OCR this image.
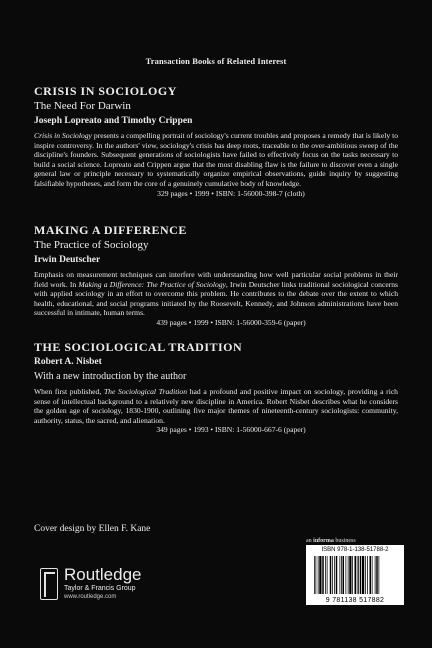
Transaction Books of Related Interest
CRISIS IN SOCIOLOGY
The Need For Darwin
Joseph Lopreato and Timothy Crippen
Crisis in Sociology presents a compelling portrait of sociology's current troubles and proposes a remedy that is likely to inspire controversy. In the authors' view, sociology's crisis has deep roots, traceable to the over-ambitious sweep of the discipline's founders. Subsequent generations of sociologists have failed to effectively focus on the tasks necessary to build a social science. Lopreato and Crippen argue that the most disabling flaw is the failure to discover even a single general law or principle necessary to systematically organize empirical observations, guide inquiry by suggesting falsifiable hypotheses, and form the core of a genuinely cumulative body of knowledge.
329 pages • 1999 • ISBN: 1-56000-398-7 (cloth)
MAKING A DIFFERENCE
The Practice of Sociology
Irwin Deutscher
Emphasis on measurement techniques can interfere with understanding how well particular social problems in their field work. In Making a Difference: The Practice of Sociology, Irwin Deutscher links traditional sociological concerns with applied sociology in an effort to overcome this problem. He contributes to the debate over the extent to which health, educational, and social programs initiated by the Roosevelt, Kennedy, and Johnson administrations have been successful in intimate, human terms.
439 pages • 1999 • ISBN: 1-56000-359-6 (paper)
THE SOCIOLOGICAL TRADITION
Robert A. Nisbet
With a new introduction by the author
When first published, The Sociological Tradition had a profound and positive impact on sociology, providing a rich sense of intellectual background to a relatively new discipline in America. Robert Nisbet describes what he considers the golden age of sociology, 1830-1900, outlining five major themes of nineteenth-century sociologists: community, authority, status, the sacred, and alienation.
349 pages • 1993 • ISBN: 1-56000-667-6 (paper)
Cover design by Ellen F. Kane
an informa business
Routledge
Taylor & Francis Group
www.routledge.com
ISBN 978-1-138-51788-2
9 781138 517882
